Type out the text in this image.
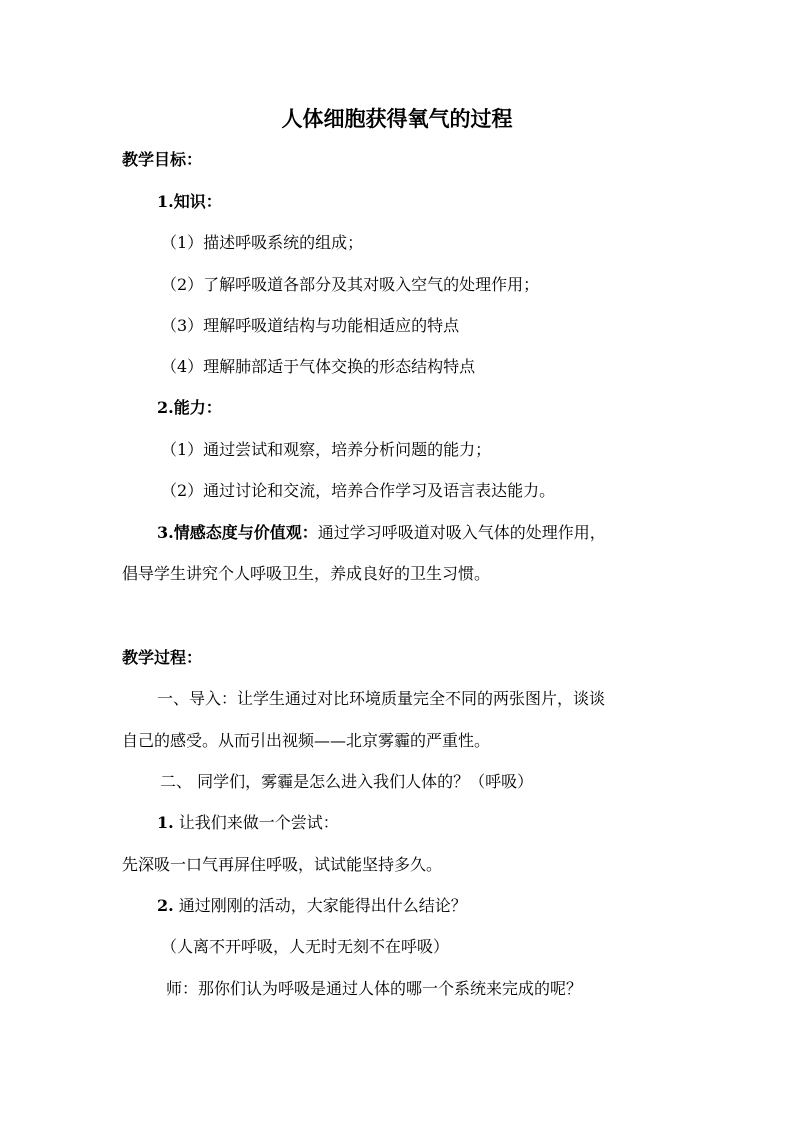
人体细胞获得氧气的过程
教学目标：
1.知识：
（1）描述呼吸系统的组成；
（2）了解呼吸道各部分及其对吸入空气的处理作用；
（3）理解呼吸道结构与功能相适应的特点
（4）理解肺部适于气体交换的形态结构特点
2.能力：
（1）通过尝试和观察，培养分析问题的能力；
（2）通过讨论和交流，培养合作学习及语言表达能力。
3.情感态度与价值观：通过学习呼吸道对吸入气体的处理作用，
倡导学生讲究个人呼吸卫生，养成良好的卫生习惯。
教学过程：
一、导入：让学生通过对比环境质量完全不同的两张图片，谈谈
自己的感受。从而引出视频——北京雾霾的严重性。
二、 同学们，雾霾是怎么进入我们人体的？（呼吸）
1. 让我们来做一个尝试：
先深吸一口气再屏住呼吸，试试能坚持多久。
2. 通过刚刚的活动，大家能得出什么结论？
（人离不开呼吸，人无时无刻不在呼吸）
师：那你们认为呼吸是通过人体的哪一个系统来完成的呢？
